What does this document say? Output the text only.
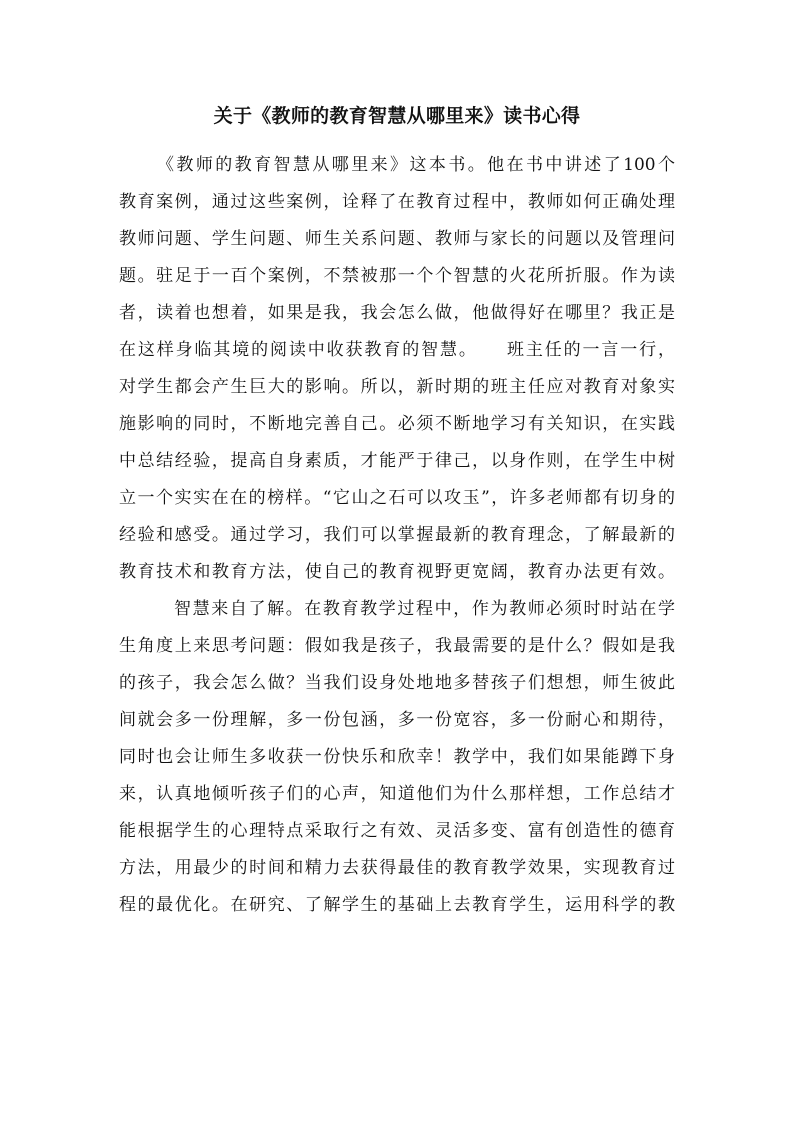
关于《教师的教育智慧从哪里来》读书心得
《教师的教育智慧从哪里来》这本书。他在书中讲述了100个
教育案例，通过这些案例，诠释了在教育过程中，教师如何正确处理
教师问题、学生问题、师生关系问题、教师与家长的问题以及管理问
题。驻足于一百个案例，不禁被那一个个智慧的火花所折服。作为读
者，读着也想着，如果是我，我会怎么做，他做得好在哪里？我正是
在这样身临其境的阅读中收获教育的智慧。　　班主任的一言一行，
对学生都会产生巨大的影响。所以，新时期的班主任应对教育对象实
施影响的同时，不断地完善自己。必须不断地学习有关知识，在实践
中总结经验，提高自身素质，才能严于律己，以身作则，在学生中树
立一个实实在在的榜样。“它山之石可以攻玉”，许多老师都有切身的
经验和感受。通过学习，我们可以掌握最新的教育理念，了解最新的
教育技术和教育方法，使自己的教育视野更宽阔，教育办法更有效。
智慧来自了解。在教育教学过程中，作为教师必须时时站在学
生角度上来思考问题：假如我是孩子，我最需要的是什么？假如是我
的孩子，我会怎么做？当我们设身处地地多替孩子们想想，师生彼此
间就会多一份理解，多一份包涵，多一份宽容，多一份耐心和期待，
同时也会让师生多收获一份快乐和欣幸！教学中，我们如果能蹲下身
来，认真地倾听孩子们的心声，知道他们为什么那样想，工作总结才
能根据学生的心理特点采取行之有效、灵活多变、富有创造性的德育
方法，用最少的时间和精力去获得最佳的教育教学效果，实现教育过
程的最优化。在研究、了解学生的基础上去教育学生，运用科学的教
